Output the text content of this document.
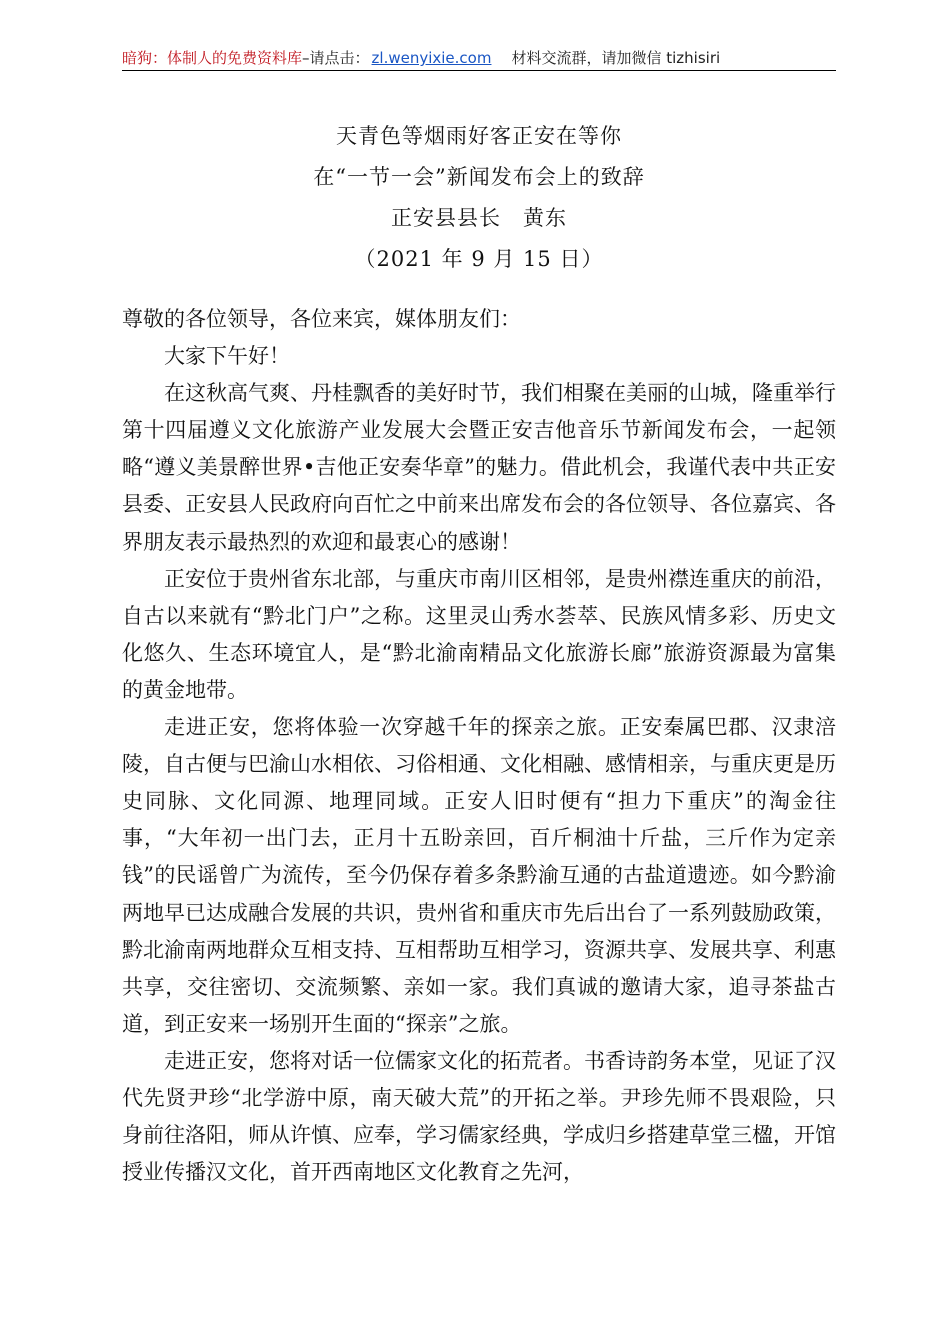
暗狗：体制人的免费资料库–请点击： zl.wenyixie.com 材料交流群，请加微信 tizhisiri
天青色等烟雨好客正安在等你
在“一节一会”新闻发布会上的致辞
正安县县长 黄东
（2021 年 9 月 15 日）

尊敬的各位领导，各位来宾，媒体朋友们：

大家下午好！

在这秋高气爽、丹桂飘香的美好时节，我们相聚在美丽的山城，隆重举行第十四届遵义文化旅游产业发展大会暨正安吉他音乐节新闻发布会，一起领略“遵义美景醉世界•吉他正安奏华章”的魅力。借此机会，我谨代表中共正安县委、正安县人民政府向百忙之中前来出席发布会的各位领导、各位嘉宾、各界朋友表示最热烈的欢迎和最衷心的感谢！

正安位于贵州省东北部，与重庆市南川区相邻，是贵州襟连重庆的前沿，自古以来就有“黔北门户”之称。这里灵山秀水荟萃、民族风情多彩、历史文化悠久、生态环境宜人，是“黔北渝南精品文化旅游长廊”旅游资源最为富集的黄金地带。

走进正安，您将体验一次穿越千年的探亲之旅。正安秦属巴郡、汉隶涪陵，自古便与巴渝山水相依、习俗相通、文化相融、感情相亲，与重庆更是历史同脉、文化同源、地理同域。正安人旧时便有“担力下重庆”的淘金往事，“大年初一出门去，正月十五盼亲回，百斤桐油十斤盐，三斤作为定亲钱”的民谣曾广为流传，至今仍保存着多条黔渝互通的古盐道遗迹。如今黔渝两地早已达成融合发展的共识，贵州省和重庆市先后出台了一系列鼓励政策，黔北渝南两地群众互相支持、互相帮助互相学习，资源共享、发展共享、利惠共享，交往密切、交流频繁、亲如一家。我们真诚的邀请大家，追寻茶盐古道，到正安来一场别开生面的“探亲”之旅。

走进正安，您将对话一位儒家文化的拓荒者。书香诗韵务本堂，见证了汉代先贤尹珍“北学游中原，南天破大荒”的开拓之举。尹珍先师不畏艰险，只身前往洛阳，师从许慎、应奉，学习儒家经典，学成归乡搭建草堂三楹，开馆授业传播汉文化，首开西南地区文化教育之先河，
